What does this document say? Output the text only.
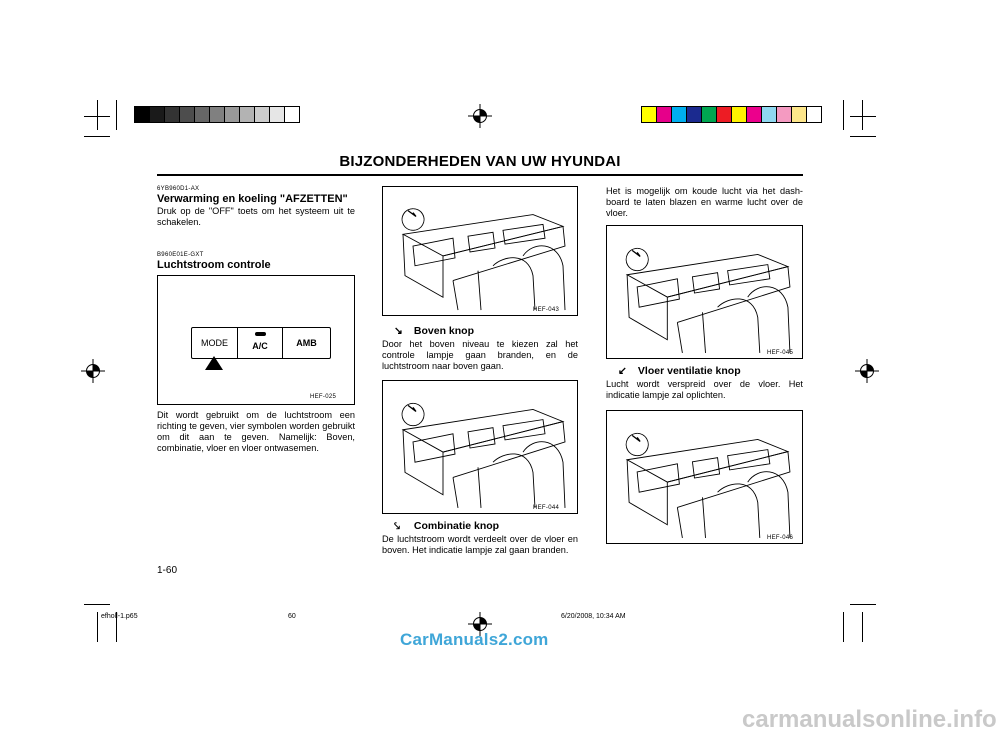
BIJZONDERHEDEN VAN UW HYUNDAI
6YB960D1-AX
Verwarming en koeling "AFZETTEN"
Druk op de "OFF" toets om het systeem uit te schakelen.
B960E01E-GXT
Luchtstroom controle
MODE	A/C	AMB
HEF-025
Dit wordt gebruikt om de luchtstroom een richting te geven, vier symbolen worden gebruikt om dit aan te geven. Namelijk: Boven, combinatie, vloer en vloer ontwasemen.
HEF-043
↘ Boven knop
Door het boven niveau te kiezen zal het controle lampje gaan branden, en de luchtstroom naar boven gaan.
HEF-044
⤥ Combinatie knop
De luchtstroom wordt verdeelt over de vloer en boven. Het indicatie lampje zal gaan branden.
Het is mogelijk om koude lucht via het dash-board te laten blazen en warme lucht over de vloer.
HEF-045
↙ Vloer ventilatie knop
Lucht wordt verspreid over de vloer. Het indicatie lampje zal oplichten.
HEF-046
1-60
efholl-1.p65	60	6/20/2008, 10:34 AM
CarManuals2.com
carmanualsonline.info
